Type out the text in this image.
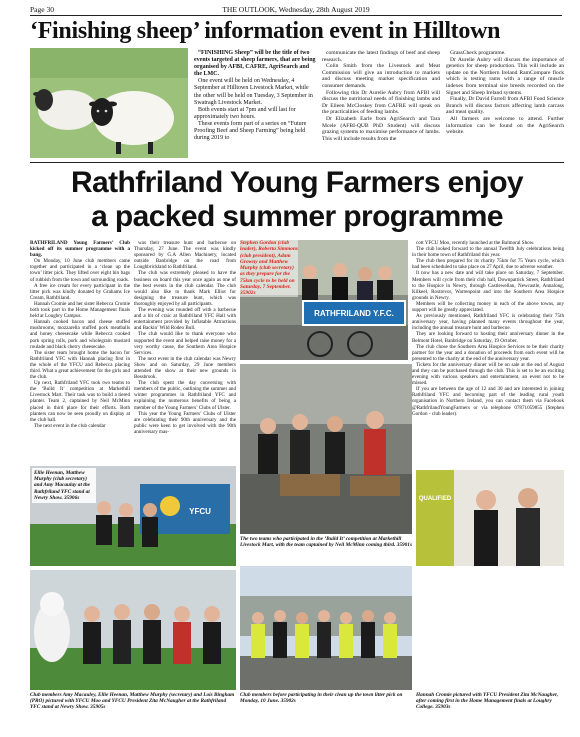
Page 30	THE OUTLOOK, Wednesday, 28th August 2019
‘Finishing sheep’ information event in Hilltown

“FINISHING Sheep” will be the title of two events targeted at sheep farmers, that are being organised by AFBI, CAFRE, AgriSearch and the LMC.

One event will be held on Wednesday, 4 September at Hilltown Livestock Market, while the other will be held on Tuesday, 3 September in Swatragh Livestock Market.

Both events start at 7pm and will last for approximately two hours.

These events form part of a series on “Future Proofing Beef and Sheep Farming” being held during 2019 to

communicate the latest findings of beef and sheep research.

Colin Smith from the Livestock and Meat Commission will give an introduction to markets and discuss meeting market specification and consumer demands.

Following this Dr Aurelie Aubry from AFBI will discuss the nutritional needs of finishing lambs and Dr Eileen McCloskey from CAFRE will speak on the practicalities of feeding lambs.

Dr Elizabeth Earle from AgriSearch and Tara Mcele (AFBI-QUB PhD Student) will discuss grazing systems to maximise performance of lambs. This will include results from the

GrassCheck programme.

Dr Aurelie Aubry will discuss the importance of genetics for sheep production. This will include an update on the Northern Ireland RamCompare flock which is testing rams with a range of muscle indexes from terminal sire breeds recorded on the Signet and Sheep Ireland systems.

Finally, Dr David Farrell from AFBI Food Science Branch will discuss factors affecting lamb carcass and meat quality.

All farmers are welcome to attend. Further information can be found on the AgriSearch website.

Rathfriland Young Farmers enjoy
a packed summer programme

RATHFRILAND Young Farmers’ Club kicked off its summer programme with a bang.

On Monday, 10 June club members came together and participated in a ‘clean up the town’ litter pick. They lifted over eight bin bags of rubbish from the town and surrounding roads.

A free ice cream for every participant in the litter pick was kindly donated by Grahams Ice Cream, Rathfriland.

Hannah Cromie and her sister Rebecca Cromie both took part in the Home Management finals held at Loughry Campus.

Hannah cooked bacon and cheese stuffed mushrooms, mozzarella stuffed pork meatballs and honey cheesecake while Rebecca cooked pork spring rolls, pork and wholegrain mustard roulade and black cherry cheesecake.

The sister team brought home the bacon for Rathfriland YFC with Hannah placing first in the whole of the YFCU and Rebecca placing third. What a great achievement for the girls and the club.

Up next, Rathfriland YFC took two teams to the ‘Build It’ competition at Markethill Livestock Mart. Their task was to build a tiered planter. Team 2, captained by Neil McMinn placed in third place for their efforts. Both planters can now be seen proudly on display at the club hall.

The next event in the club calendar

was their treasure hunt and barbecue on Thursday, 27 June. The event was kindly sponsored by G.A Allen Machinery, located outside Banbridge on the road from Loughbrickland to Rathfriland.

The club was extremely pleased to have the business on board this year once again as one of the best events in the club calendar. The club would also like to thank Mark Elliot for designing the treasure hunt, which was thoroughly enjoyed by all participants.

The evening was rounded off with a barbecue and a bit of craic at Rathfriland YFC Hall with entertainment provided by Inflatable Attractions and Backin’ Wild Rodeo Bull.

The club would like to thank everyone who supported the event and helped raise money for a very worthy cause, the Southern Area Hospice Services.

The next event in the club calendar was Newry Show and on Saturday, 29 June members attended the show at their new grounds in Bessbrook.

The club spent the day conversing with members of the public, outlining the summer and winter programmes in Rathfriland YFC and explaining the numerous benefits of being a member of the Young Farmers’ Clubs of Ulster.

This year the Young Farmers’ Clubs of Ulster are celebrating their 90th anniversary and the public were keen to get involved with the 90th anniversary mas-

RATHFRILAND Y.F.C.
Stephen Gordon (club leader), Roberta Simmons (club president), Adam Growny and Matthew Murphy (club secretary) as they prepare for the 75km cycle to be held on Saturday, 7 September. 35902s

cott YFCU Moo, recently launched at the Balmoral Show.

The club looked forward to the annual Twelfth July celebrations being in their home town of Rathfriland this year.

The club then prepared for its charity 75km for 75 Years cycle, which had been scheduled to take place on 27 April, due to adverse weather.

It now has a new date and will take place on Saturday, 7 September. Members will cycle from their club hall, Downpatrick Street, Rathfriland to the Hospice in Newry, through Castlewellan, Newcastle, Annalong, Kilkeel, Rostrevor, Warrenpoint and into the Southern Area Hospice grounds in Newry.

Members will be collecting money in each of the above towns, any support will be greatly appreciated.

As previously mentioned, Rathfriland YFC is celebrating their 75th anniversary year, having planned many events throughout the year, including the annual treasure hunt and barbecue.

They are looking forward to hosting their anniversary dinner in the Belmont Hotel, Banbridge on Saturday, 19 October.

The club chose the Southern Area Hospice Services to be their charity partner for the year and a donation of proceeds from each event will be presented to the charity at the end of the anniversary year.

Tickets for the anniversary dinner will be on sale at the end of August and they can be purchased through the club. This is set to be an exciting evening with various speakers and entertainment, an event not to be missed.

If you are between the age of 12 and 30 and are interested in joining Rathfriland YFC and becoming part of the leading rural youth organisation in Northern Ireland, you can contact them via Facebook @RathfrilandYoungFarmers or via telephone 07871059855 (Stephen Gordon - club leader).

YFCU
Ellie Heenan, Matthew Murphy (club secretary) and Amy Macaulay at the Rathfriland YFC stand at Newry Show. 35906s
The two teams who participated in the ‘Build It’ competition at Markethill Livestock Mart, with the team captained by Neil McMinn coming third. 35901s
QUALIFIED
Club members Amy Macauley, Ellie Heenan, Matthew Murphy (secretary) and Lois Bingham (PRO) pictured with YFCU Moo and YFCU President Zita McNaugher at the Rathfriland YFC stand at Newry Show. 35905s
Club members before participating in their clean up the town litter pick on Monday, 10 June. 35902s
Hannah Cromie pictured with YFCU President Zita McNaugher, after coming first in the Home Management finals at Loughry College. 35903s
